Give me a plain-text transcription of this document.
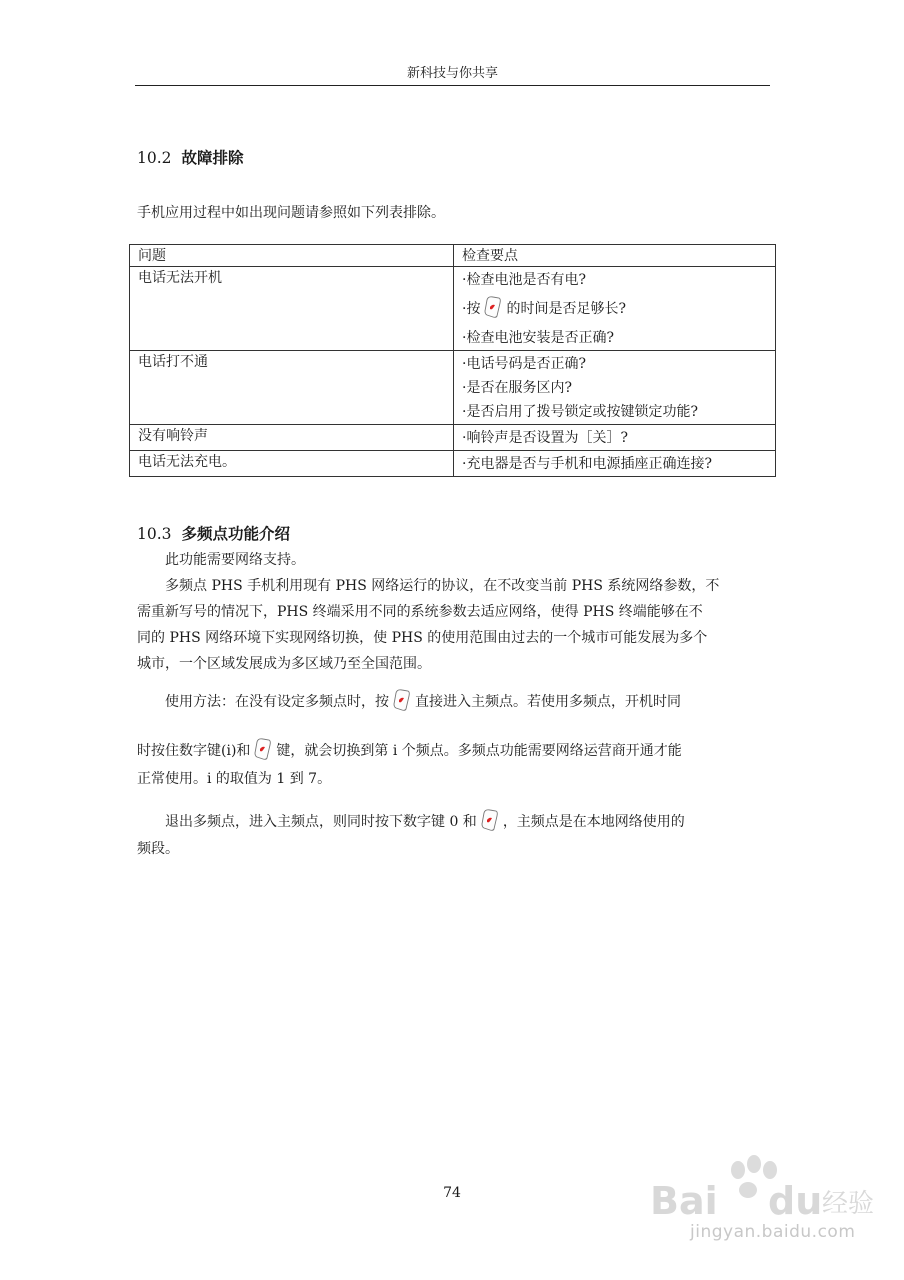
新科技与你共享
10.2 故障排除
手机应用过程中如出现问题请参照如下列表排除。
问题	检查要点
电话无法开机	·检查电池是否有电?
·按 的时间是否足够长?
·检查电池安装是否正确?

电话打不通	·电话号码是否正确?
·是否在服务区内?
·是否启用了拨号锁定或按键锁定功能?

没有响铃声	·响铃声是否设置为［关］?

电话无法充电。	·充电器是否与手机和电源插座正确连接?
10.3 多频点功能介绍
此功能需要网络支持。
多频点 PHS 手机利用现有 PHS 网络运行的协议，在不改变当前 PHS 系统网络参数，不
需重新写号的情况下，PHS 终端采用不同的系统参数去适应网络，使得 PHS 终端能够在不
同的 PHS 网络环境下实现网络切换，使 PHS 的使用范围由过去的一个城市可能发展为多个
城市，一个区域发展成为多区域乃至全国范围。
使用方法：在没有设定多频点时，按 直接进入主频点。若使用多频点，开机时同
时按住数字键(i)和 键，就会切换到第 i 个频点。多频点功能需要网络运营商开通才能
正常使用。i 的取值为 1 到 7。
退出多频点，进入主频点，则同时按下数字键 0 和 ，主频点是在本地网络使用的
频段。
74	Bai du 经验
jingyan.baidu.com
